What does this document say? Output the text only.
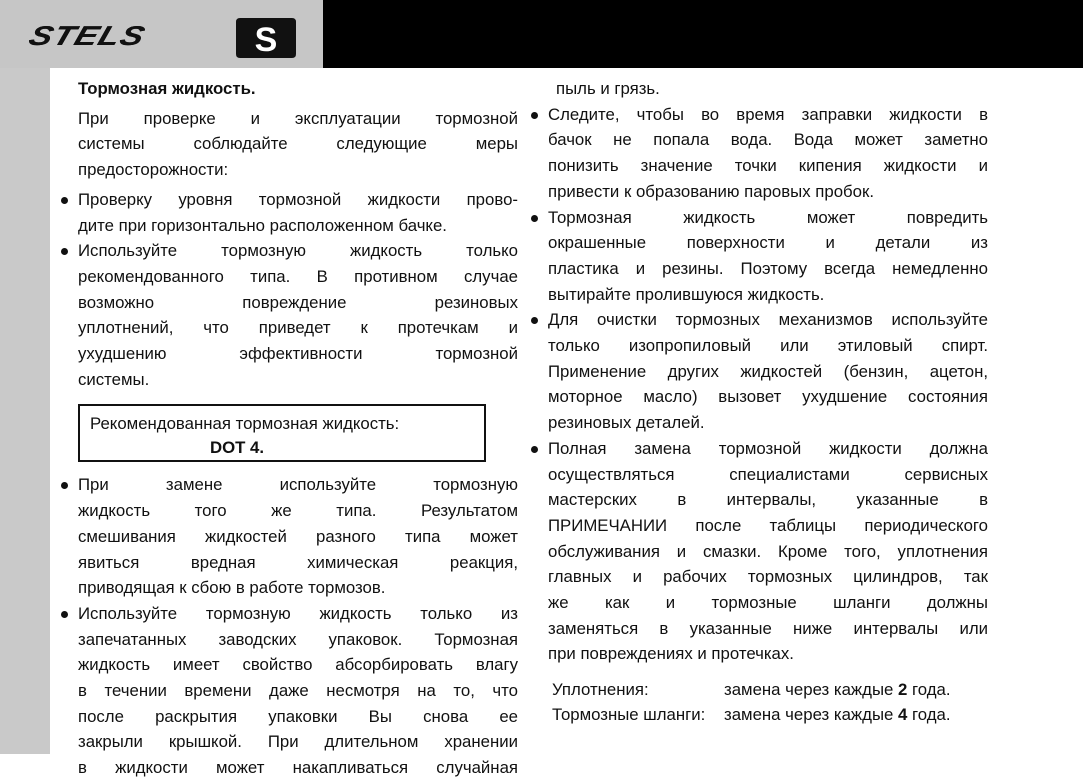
STELS	S
Тормозная жидкость.
При проверке и эксплуатации тормозной
системы соблюдайте следующие меры
предосторожности:
Проверку уровня тормозной жидкости прово-
дите при горизонтально расположенном бачке.
Используйте тормозную жидкость только
рекомендованного типа. В противном случае
возможно повреждение резиновых
уплотнений, что приведет к протечкам и
ухудшению эффективности тормозной
системы.
Рекомендованная тормозная жидкость:
DOT 4.
При замене используйте тормозную
жидкость того же типа. Результатом
смешивания жидкостей разного типа может
явиться вредная химическая реакция,
приводящая к сбою в работе тормозов.
Используйте тормозную жидкость только из
запечатанных заводских упаковок. Тормозная
жидкость имеет свойство абсорбировать влагу
в течении времени даже несмотря на то, что
после раскрытия упаковки Вы снова ее
закрыли крышкой. При длительном хранении
в жидкости может накапливаться случайная
пыль и грязь.
Следите, чтобы во время заправки жидкости в
бачок не попала вода. Вода может заметно
понизить значение точки кипения жидкости и
привести к образованию паровых пробок.
Тормозная жидкость может повредить
окрашенные поверхности и детали из
пластика и резины. Поэтому всегда немедленно
вытирайте пролившуюся жидкость.
Для очистки тормозных механизмов используйте
только изопропиловый или этиловый спирт.
Применение других жидкостей (бензин, ацетон,
моторное масло) вызовет ухудшение состояния
резиновых деталей.
Полная замена тормозной жидкости должна
осуществляться специалистами сервисных
мастерских в интервалы, указанные в
ПРИМЕЧАНИИ после таблицы периодического
обслуживания и смазки. Кроме того, уплотнения
главных и рабочих тормозных цилиндров, так
же как и тормозные шланги должны
заменяться в указанные ниже интервалы или
при повреждениях и протечках.
Уплотнения:	замена через каждые 2 года.
Тормозные шланги:	замена через каждые 4 года.
